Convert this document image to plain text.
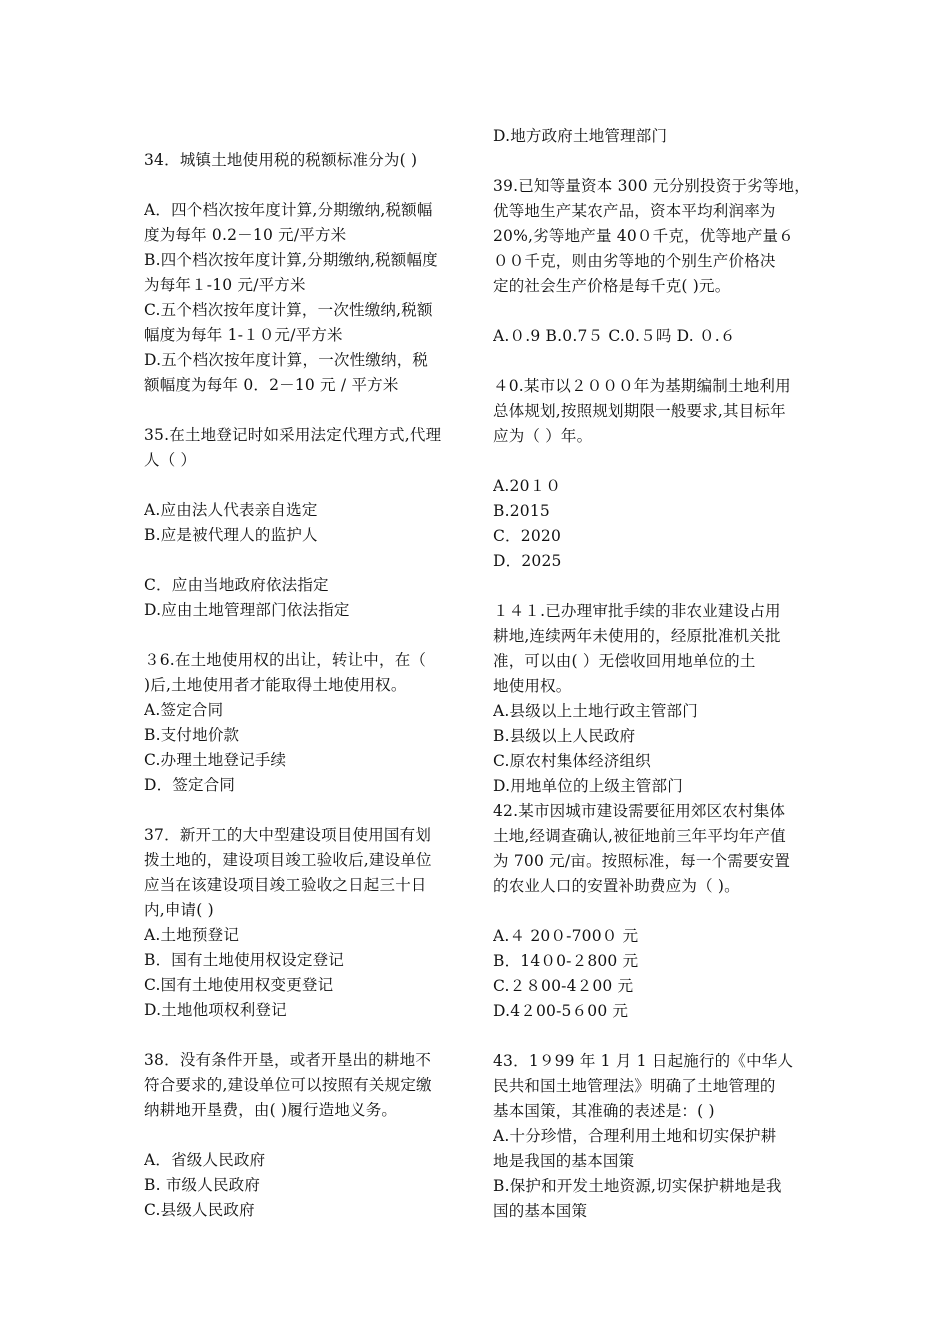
34．城镇土地使用税的税额标准分为( )
A．四个档次按年度计算,分期缴纳,税额幅
度为每年 0.2－10 元/平方米
B.四个档次按年度计算,分期缴纳,税额幅度
为每年１-10 元/平方米
C.五个档次按年度计算，一次性缴纳,税额
幅度为每年 1-１０元/平方米
D.五个档次按年度计算，一次性缴纳，税
额幅度为每年 0．2－10 元 / 平方米
35.在土地登记时如采用法定代理方式,代理
人（ ）
A.应由法人代表亲自选定
B.应是被代理人的监护人
C．应由当地政府依法指定
D.应由土地管理部门依法指定
３6.在土地使用权的出让，转让中，在（
)后,土地使用者才能取得土地使用权。
A.签定合同
B.支付地价款
C.办理土地登记手续
D．签定合同
37．新开工的大中型建设项目使用国有划
拨土地的，建设项目竣工验收后,建设单位
应当在该建设项目竣工验收之日起三十日
内,申请( )
A.土地预登记
B．国有土地使用权设定登记
C.国有土地使用权变更登记
D.土地他项权利登记
38．没有条件开垦，或者开垦出的耕地不
符合要求的,建设单位可以按照有关规定缴
纳耕地开垦费，由( )履行造地义务。
A．省级人民政府
B. 市级人民政府
C.县级人民政府
D.地方政府土地管理部门
39.已知等量资本 300 元分别投资于劣等地，
优等地生产某农产品，资本平均利润率为
20%,劣等地产量 40０千克，优等地产量６
００千克，则由劣等地的个别生产价格决
定的社会生产价格是每千克( )元。
A.０.9 B.0.7５ C.0.５吗 D. ０.６
４0.某市以２０００年为基期编制土地利用
总体规划,按照规划期限一般要求,其目标年
应为（ ）年。
A.20１０
B.2015
C．2020
D．2025
１４１.已办理审批手续的非农业建设占用
耕地,连续两年未使用的，经原批准机关批
准，可以由( ）无偿收回用地单位的土
地使用权。
A.县级以上土地行政主管部门
B.县级以上人民政府
C.原农村集体经济组织
D.用地单位的上级主管部门
42.某市因城市建设需要征用郊区农村集体
土地,经调查确认,被征地前三年平均年产值
为 700 元/亩。按照标准，每一个需要安置
的农业人口的安置补助费应为（ )。
A.４ 20０-700０ 元
B．14０0-２800 元
C.２８00-4２00 元
D.4２00-5６00 元
43．1９99 年 1 月 1 日起施行的《中华人
民共和国土地管理法》明确了土地管理的
基本国策，其准确的表述是：( )
A.十分珍惜，合理利用土地和切实保护耕
地是我国的基本国策
B.保护和开发土地资源,切实保护耕地是我
国的基本国策
